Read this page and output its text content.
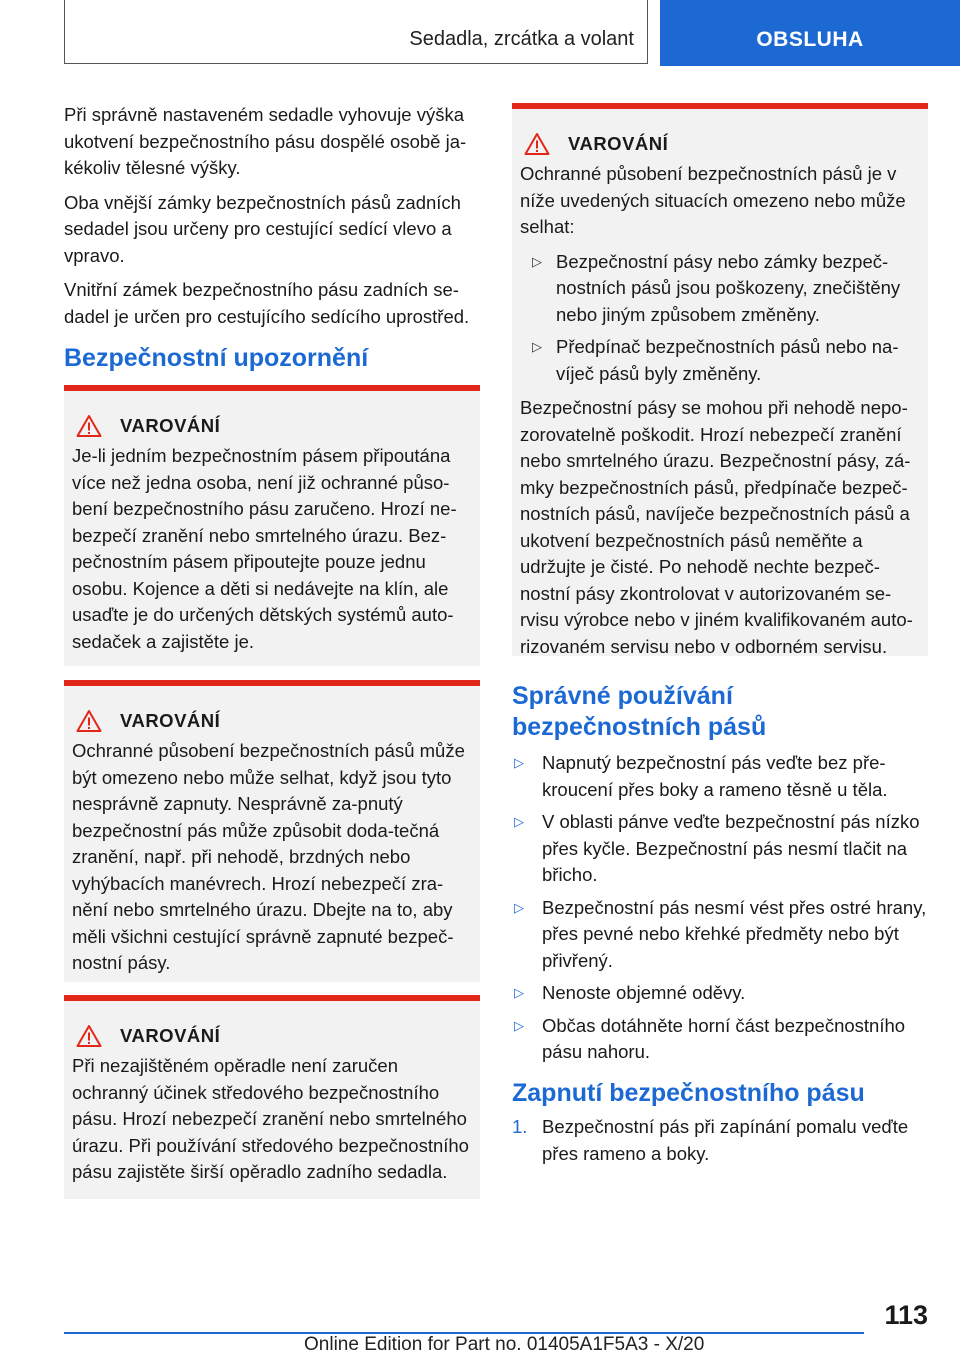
Sedadla, zrcátka a volant	OBSLUHA

Při správně nastaveném sedadle vyhovuje výška ukotvení bezpečnostního pásu dospělé osobě ja‐kékoliv tělesné výšky.

Oba vnější zámky bezpečnostních pásů zadních sedadel jsou určeny pro cestující sedící vlevo a vpravo.

Vnitřní zámek bezpečnostního pásu zadních se‐dadel je určen pro cestujícího sedícího uprostřed.

Bezpečnostní upozornění
VAROVÁNÍ

Je-li jedním bezpečnostním pásem připoutána více než jedna osoba, není již ochranné půso‐bení bezpečnostního pásu zaručeno. Hrozí ne‐bezpečí zranění nebo smrtelného úrazu. Bez‐pečnostním pásem připoutejte pouze jednu osobu. Kojence a děti si nedávejte na klín, ale usaďte je do určených dětských systémů auto‐sedaček a zajistěte je.

VAROVÁNÍ

Ochranné působení bezpečnostních pásů může být omezeno nebo může selhat, když jsou tyto nesprávně zapnuty. Nesprávně za‐pnutý bezpečnostní pás může způsobit doda‐tečná zranění, např. při nehodě, brzdných nebo vyhýbacích manévrech. Hrozí nebezpečí zra‐nění nebo smrtelného úrazu. Dbejte na to, aby měli všichni cestující správně zapnuté bezpeč‐nostní pásy.

VAROVÁNÍ

Při nezajištěném opěradle není zaručen ochranný účinek středového bezpečnostního pásu. Hrozí nebezpečí zranění nebo smrtelného úrazu. Při používání středového bezpečnostního pásu zajistěte širší opěradlo zadního sedadla.

VAROVÁNÍ

Ochranné působení bezpečnostních pásů je v níže uvedených situacích omezeno nebo může selhat:

▷ Bezpečnostní pásy nebo zámky bezpeč‐nostních pásů jsou poškozeny, znečištěny nebo jiným způsobem změněny.
▷ Předpínač bezpečnostních pásů nebo na‐víječ pásů byly změněny.

Bezpečnostní pásy se mohou při nehodě nepo‐zorovatelně poškodit. Hrozí nebezpečí zranění nebo smrtelného úrazu. Bezpečnostní pásy, zá‐mky bezpečnostních pásů, předpínače bezpeč‐nostních pásů, navíječe bezpečnostních pásů a ukotvení bezpečnostních pásů neměňte a udržujte je čisté. Po nehodě nechte bezpeč‐nostní pásy zkontrolovat v autorizovaném se‐rvisu výrobce nebo v jiném kvalifikovaném auto‐rizovaném servisu nebo v odborném servisu.

Správné používání bezpečnostních pásů
▷ Napnutý bezpečnostní pás veďte bez pře‐kroucení přes boky a rameno těsně u těla.
▷ V oblasti pánve veďte bezpečnostní pás nízko přes kyčle. Bezpečnostní pás nesmí tlačit na břicho.
▷ Bezpečnostní pás nesmí vést přes ostré hrany, přes pevné nebo křehké předměty nebo být přivřený.
▷ Nenoste objemné oděvy.
▷ Občas dotáhněte horní část bezpečnostního pásu nahoru.
Zapnutí bezpečnostního pásu
1. Bezpečnostní pás při zapínání pomalu veďte přes rameno a boky.
113
Online Edition for Part no. 01405A1F5A3 - X/20
